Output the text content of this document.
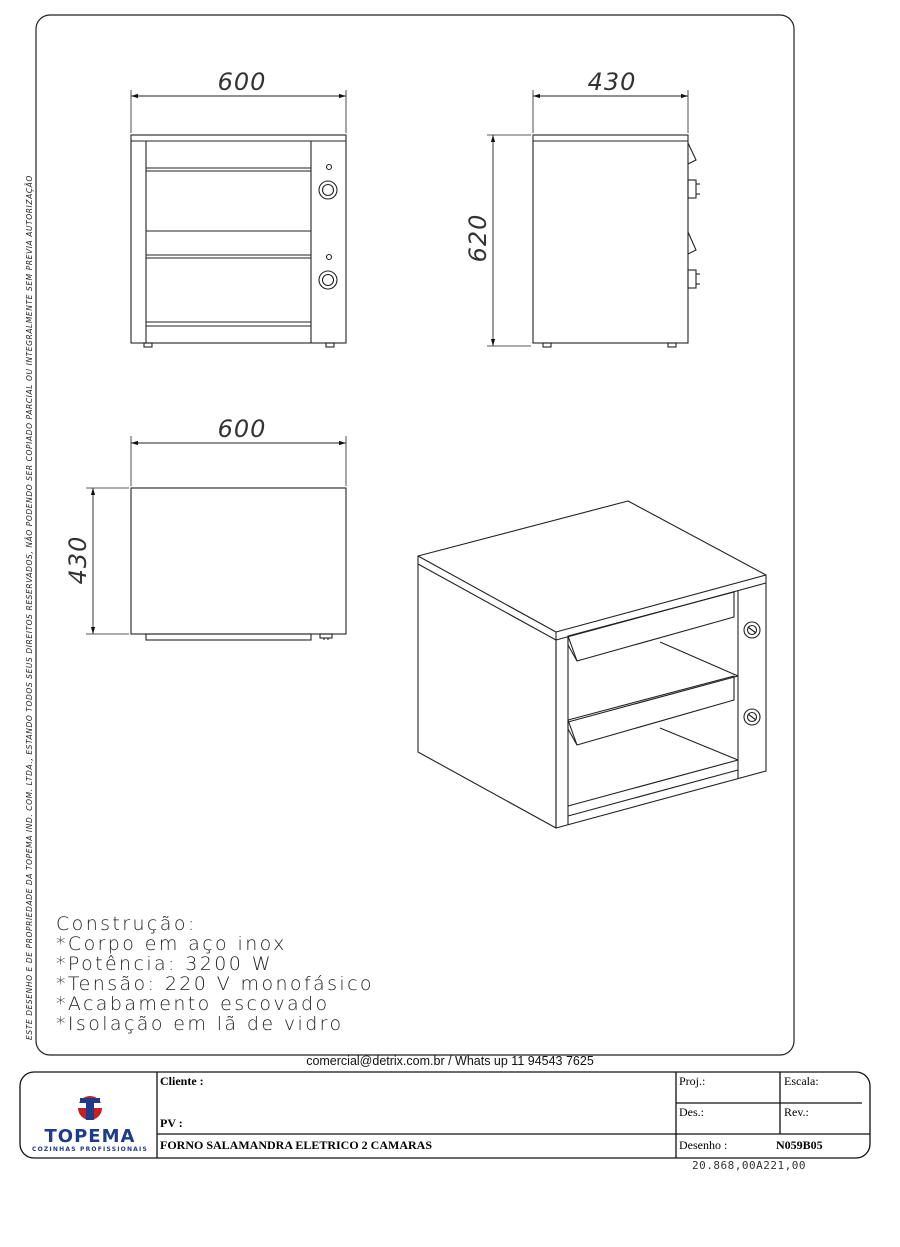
600	430
620
600
430
ESTE DESENHO E DE PROPRIEDADE DA TOPEMA IND. COM. LTDA., ESTANDO TODOS SEUS DIREITOS RESERVADOS, NÃO PODENDO SER COPIADO PARCIAL OU INTEGRALMENTE SEM PREVIA AUTORIZAÇÃO	Construção:
*Corpo em aço inox
*Potência: 3200 W
*Tensão: 220 V monofásico
*Acabamento escovado
*Isolação em lã de vidro
comercial@detrix.com.br / Whats up 11 94543 7625
TOPEMA
COZINHAS PROFISSIONAIS
Cliente :
PV :
FORNO SALAMANDRA ELETRICO 2 CAMARAS
Proj.:	Escala:
Des.:	Rev.:
Desenho :	N059B05
20.868,00A221,00
